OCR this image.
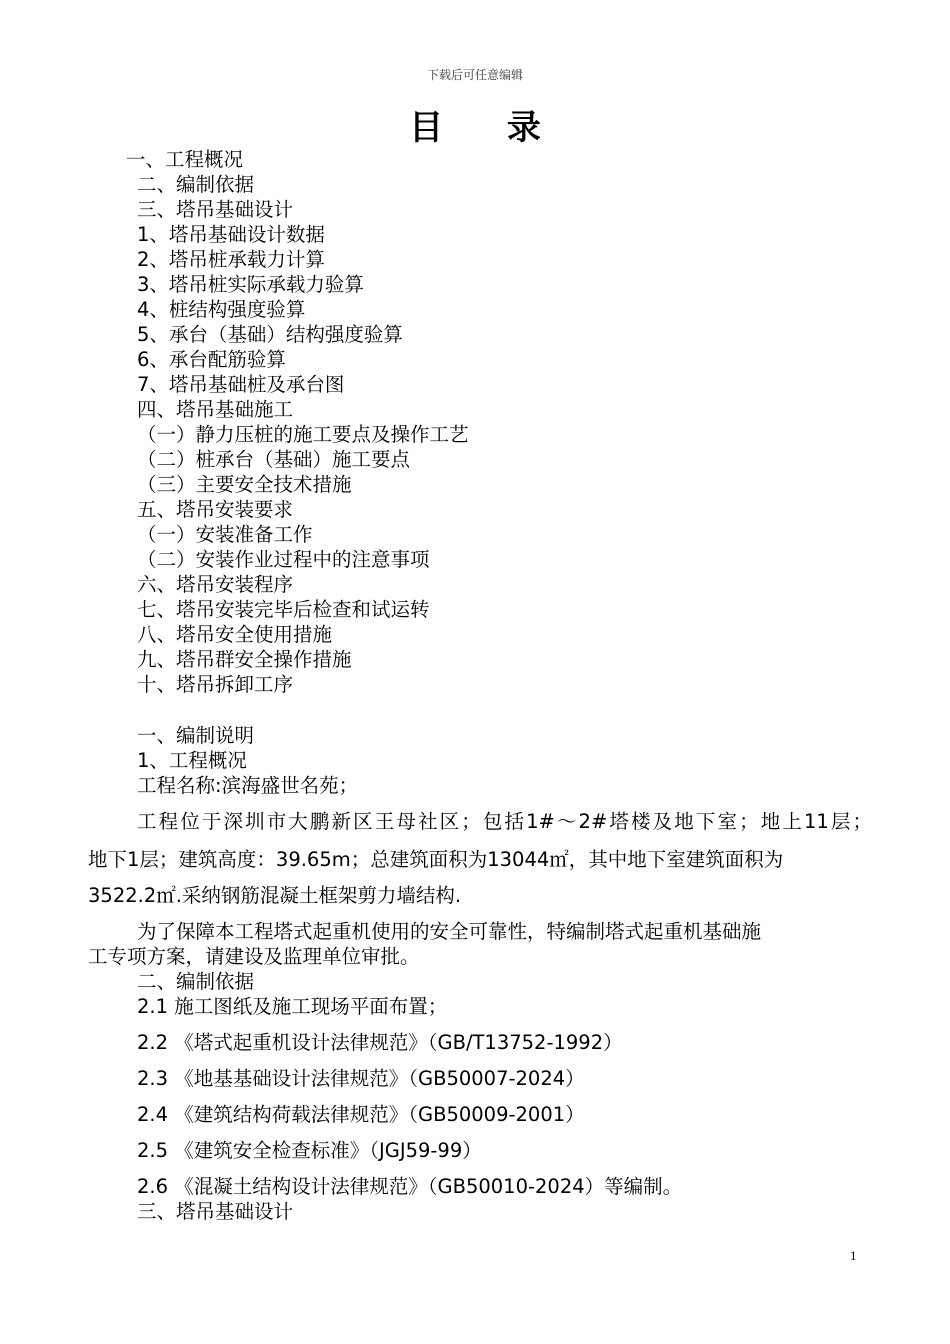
下载后可任意编辑
目 录
一、工程概况
二、编制依据
三、塔吊基础设计
1、塔吊基础设计数据
2、塔吊桩承载力计算
3、塔吊桩实际承载力验算
4、桩结构强度验算
5、承台（基础）结构强度验算
6、承台配筋验算
7、塔吊基础桩及承台图
四、塔吊基础施工
（一）静力压桩的施工要点及操作工艺
（二）桩承台（基础）施工要点
（三）主要安全技术措施
五、塔吊安装要求
（一）安装准备工作
（二）安装作业过程中的注意事项
六、塔吊安装程序
七、塔吊安装完毕后检查和试运转
八、塔吊安全使用措施
九、塔吊群安全操作措施
十、塔吊拆卸工序
一、编制说明
1、工程概况
工程名称:滨海盛世名苑；
工程位于深圳市大鹏新区王母社区；包括1#～2#塔楼及地下室；地上11层；
地下1层；建筑高度：39.65m；总建筑面积为13044㎡，其中地下室建筑面积为
3522.2㎡.采纳钢筋混凝土框架剪力墙结构.
为了保障本工程塔式起重机使用的安全可靠性，特编制塔式起重机基础施
工专项方案，请建设及监理单位审批。
二、编制依据
2.1 施工图纸及施工现场平面布置；
2.2 《塔式起重机设计法律规范》（GB/T13752-1992）
2.3 《地基基础设计法律规范》（GB50007-2024）
2.4 《建筑结构荷载法律规范》（GB50009-2001）
2.5 《建筑安全检查标准》（JGJ59-99）
2.6 《混凝土结构设计法律规范》（GB50010-2024）等编制。
三、塔吊基础设计
1
